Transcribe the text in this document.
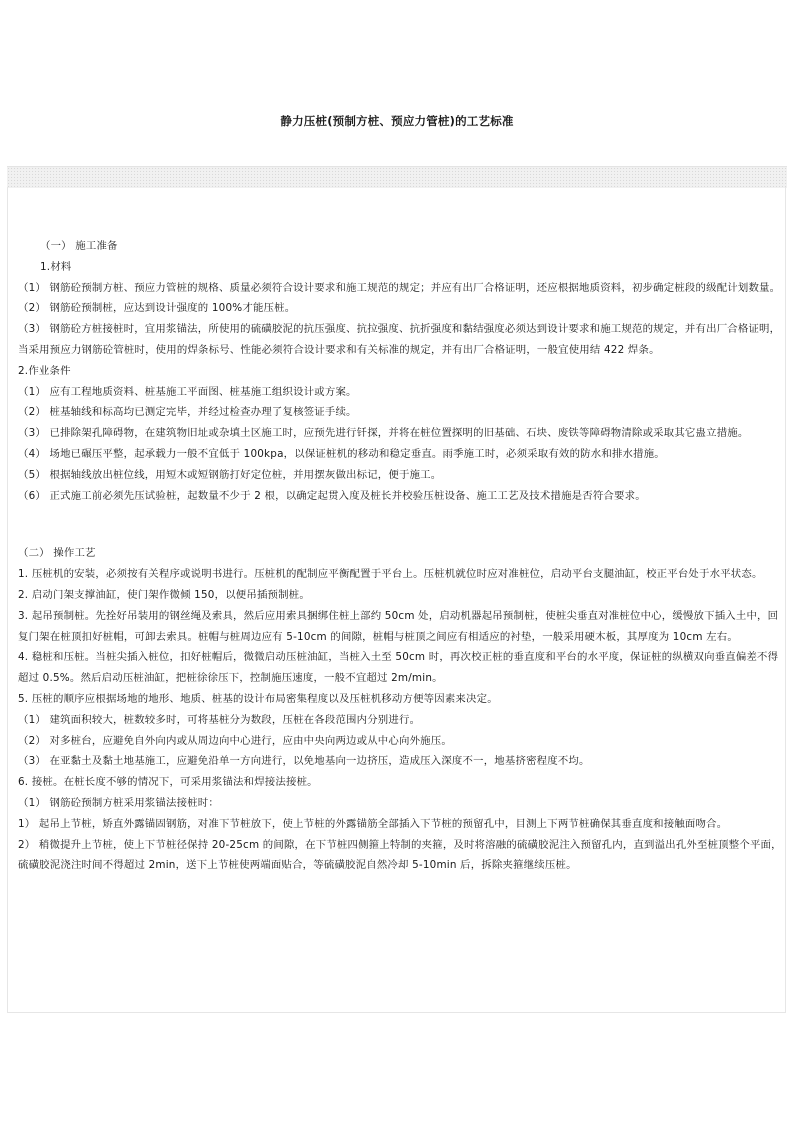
静力压桩(预制方桩、预应力管桩)的工艺标准

（一） 施工准备

1.材料

（1） 钢筋砼预制方桩、预应力管桩的规格、质量必须符合设计要求和施工规范的规定；并应有出厂合格证明，还应根据地质资料，初步确定桩段的级配计划数量。

（2） 钢筋砼预制桩，应达到设计强度的 100%才能压桩。

（3） 钢筋砼方桩接桩时，宜用浆锚法，所使用的硫磺胶泥的抗压强度、抗拉强度、抗折强度和黏结强度必须达到设计要求和施工规范的规定，并有出厂合格证明，当采用预应力钢筋砼管桩时，使用的焊条标号、性能必须符合设计要求和有关标准的规定，并有出厂合格证明，一般宜使用结 422 焊条。

2.作业条件

（1） 应有工程地质资料、桩基施工平面图、桩基施工组织设计或方案。

（2） 桩基轴线和标高均已测定完毕，并经过检查办理了复核签证手续。

（3） 已排除架孔障碍物，在建筑物旧址或杂填土区施工时，应预先进行钎探，并将在桩位置探明的旧基础、石块、废铁等障碍物清除或采取其它蛊立措施。

（4） 场地已碾压平整，起承载力一般不宜低于 100kpa，以保证桩机的移动和稳定垂直。雨季施工时，必须采取有效的防水和排水措施。

（5） 根据轴线放出桩位线，用短木或短钢筋打好定位桩，并用摆灰做出标记，便于施工。

（6） 正式施工前必须先压试验桩，起数量不少于 2 根，以确定起贯入度及桩长并校验压桩设备、施工工艺及技术措施是否符合要求。

（二） 操作工艺

1. 压桩机的安装，必须按有关程序或说明书进行。压桩机的配制应平衡配置于平台上。压桩机就位时应对准桩位，启动平台支腿油缸，校正平台处于水平状态。

2. 启动门架支撑油缸，使门架作微倾 150，以便吊插预制桩。

3. 起吊预制桩。先拴好吊装用的钢丝绳及索具，然后应用索具捆绑住桩上部约 50cm 处，启动机器起吊预制桩，使桩尖垂直对准桩位中心，缓慢放下插入土中，回复门架在桩顶扣好桩帽，可卸去索具。桩帽与桩周边应有 5-10cm 的间隙，桩帽与桩顶之间应有相适应的衬垫，一般采用硬木板，其厚度为 10cm 左右。

4. 稳桩和压桩。当桩尖插入桩位，扣好桩帽后，微微启动压桩油缸，当桩入土至 50cm 时，再次校正桩的垂直度和平台的水平度，保证桩的纵横双向垂直偏差不得超过 0.5%。然后启动压桩油缸，把桩徐徐压下，控制施压速度，一般不宜超过 2m/min。

5. 压桩的顺序应根据场地的地形、地质、桩基的设计布局密集程度以及压桩机移动方便等因素来决定。

（1） 建筑面积较大，桩数较多时，可将基桩分为数段，压桩在各段范围内分别进行。

（2） 对多桩台，应避免自外向内或从周边向中心进行，应由中央向两边或从中心向外施压。

（3） 在亚黏土及黏土地基施工，应避免沿单一方向进行，以免地基向一边挤压，造成压入深度不一，地基挤密程度不均。

6. 接桩。在桩长度不够的情况下，可采用浆锚法和焊接法接桩。

（1） 钢筋砼预制方桩采用浆锚法接桩时：

1） 起吊上节桩，矫直外露锚固钢筋，对准下节桩放下，使上节桩的外露锚筋全部插入下节桩的预留孔中，目测上下两节桩确保其垂直度和接触面吻合。

2） 稍微提升上节桩，使上下节桩径保持 20-25cm 的间隙，在下节桩四侧箍上特制的夹箍，及时将溶融的硫磺胶泥注入预留孔内，直到溢出孔外至桩顶整个平面，硫磺胶泥浇注时间不得超过 2min，送下上节桩使两端面贴合，等硫磺胶泥自然冷却 5-10min 后，拆除夹箍继续压桩。
